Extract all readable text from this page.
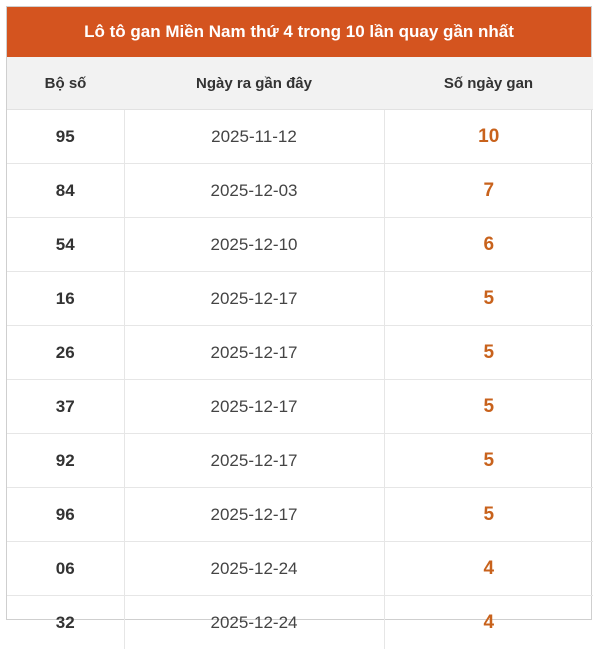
Lô tô gan Miền Nam thứ 4 trong 10 lần quay gần nhất
Bộ số	Ngày ra gần đây	Số ngày gan
95	2025-11-12	10
84	2025-12-03	7
54	2025-12-10	6
16	2025-12-17	5
26	2025-12-17	5
37	2025-12-17	5
92	2025-12-17	5
96	2025-12-17	5
06	2025-12-24	4
32	2025-12-24	4
